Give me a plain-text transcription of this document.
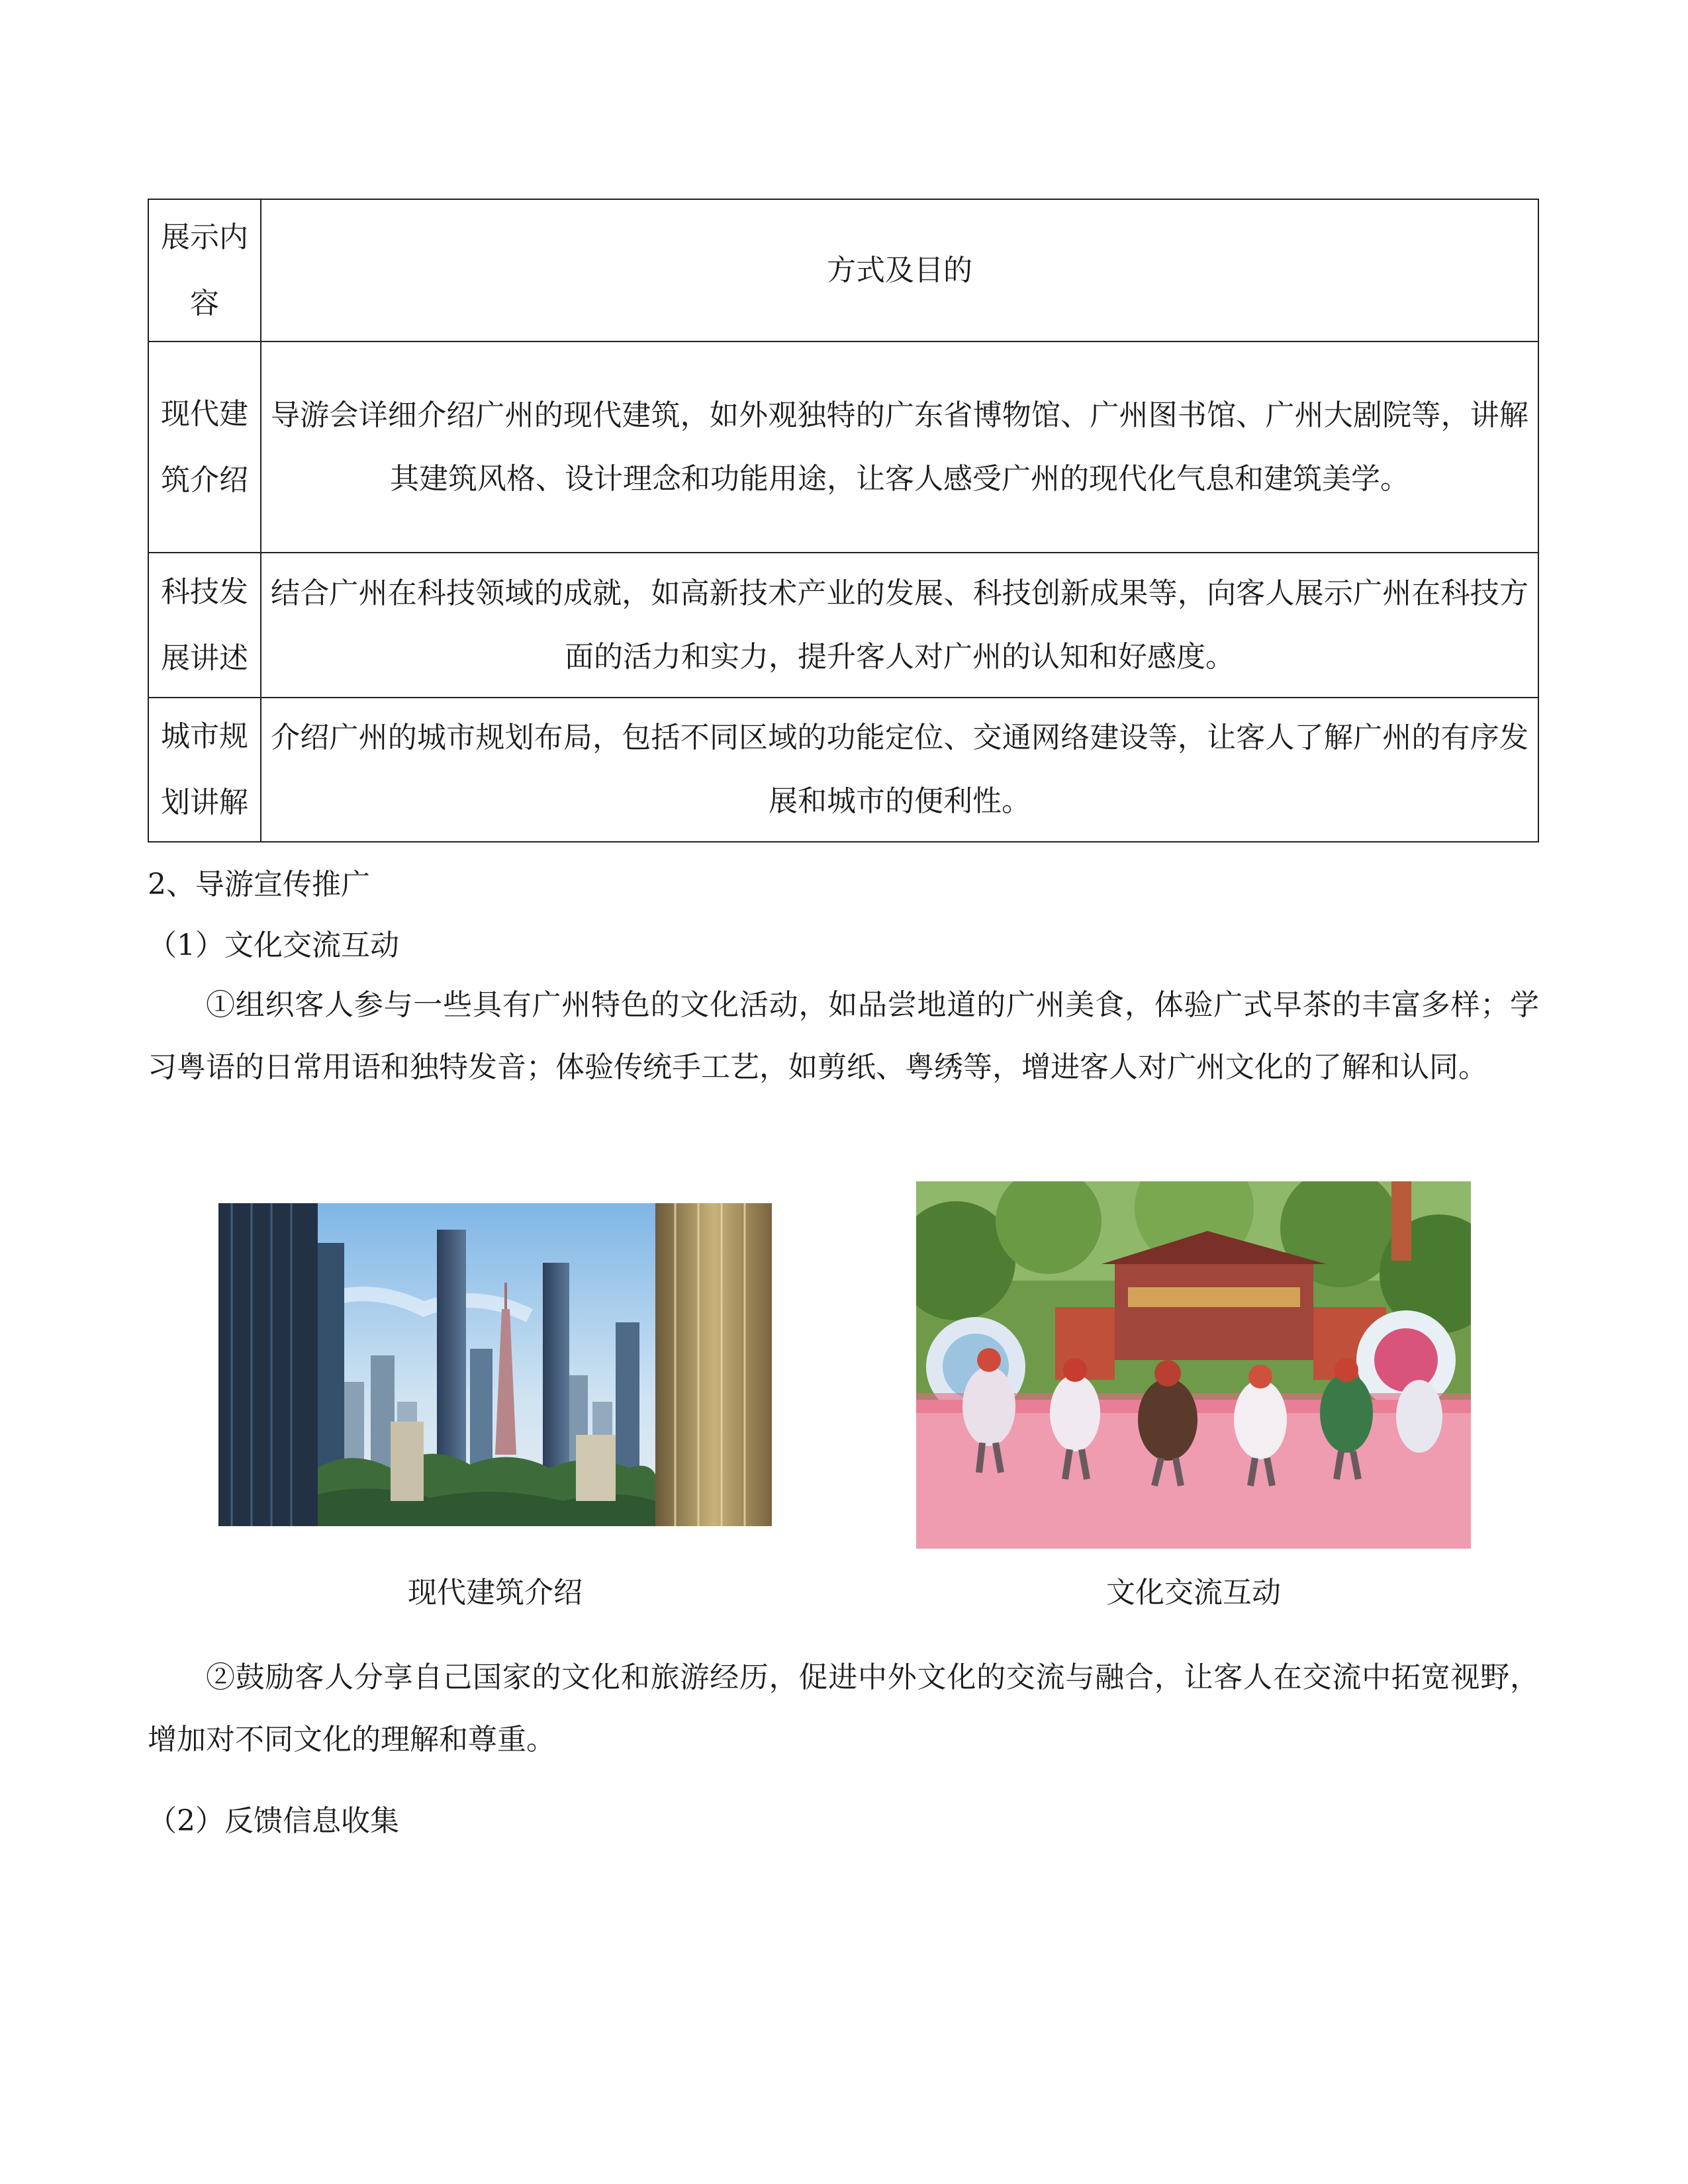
展示内容	方式及目的
现代建筑介绍	导游会详细介绍广州的现代建筑，如外观独特的广东省博物馆、广州图书馆、广州大剧院等，讲解其建筑风格、设计理念和功能用途，让客人感受广州的现代化气息和建筑美学。
科技发展讲述	结合广州在科技领域的成就，如高新技术产业的发展、科技创新成果等，向客人展示广州在科技方面的活力和实力，提升客人对广州的认知和好感度。
城市规划讲解	介绍广州的城市规划布局，包括不同区域的功能定位、交通网络建设等，让客人了解广州的有序发展和城市的便利性。
2、导游宣传推广
（1）文化交流互动
①组织客人参与一些具有广州特色的文化活动，如品尝地道的广州美食，体验广式早茶的丰富多样；学习粤语的日常用语和独特发音；体验传统手工艺，如剪纸、粤绣等，增进客人对广州文化的了解和认同。
现代建筑介绍	文化交流互动
②鼓励客人分享自己国家的文化和旅游经历，促进中外文化的交流与融合，让客人在交流中拓宽视野，增加对不同文化的理解和尊重。
（2）反馈信息收集
